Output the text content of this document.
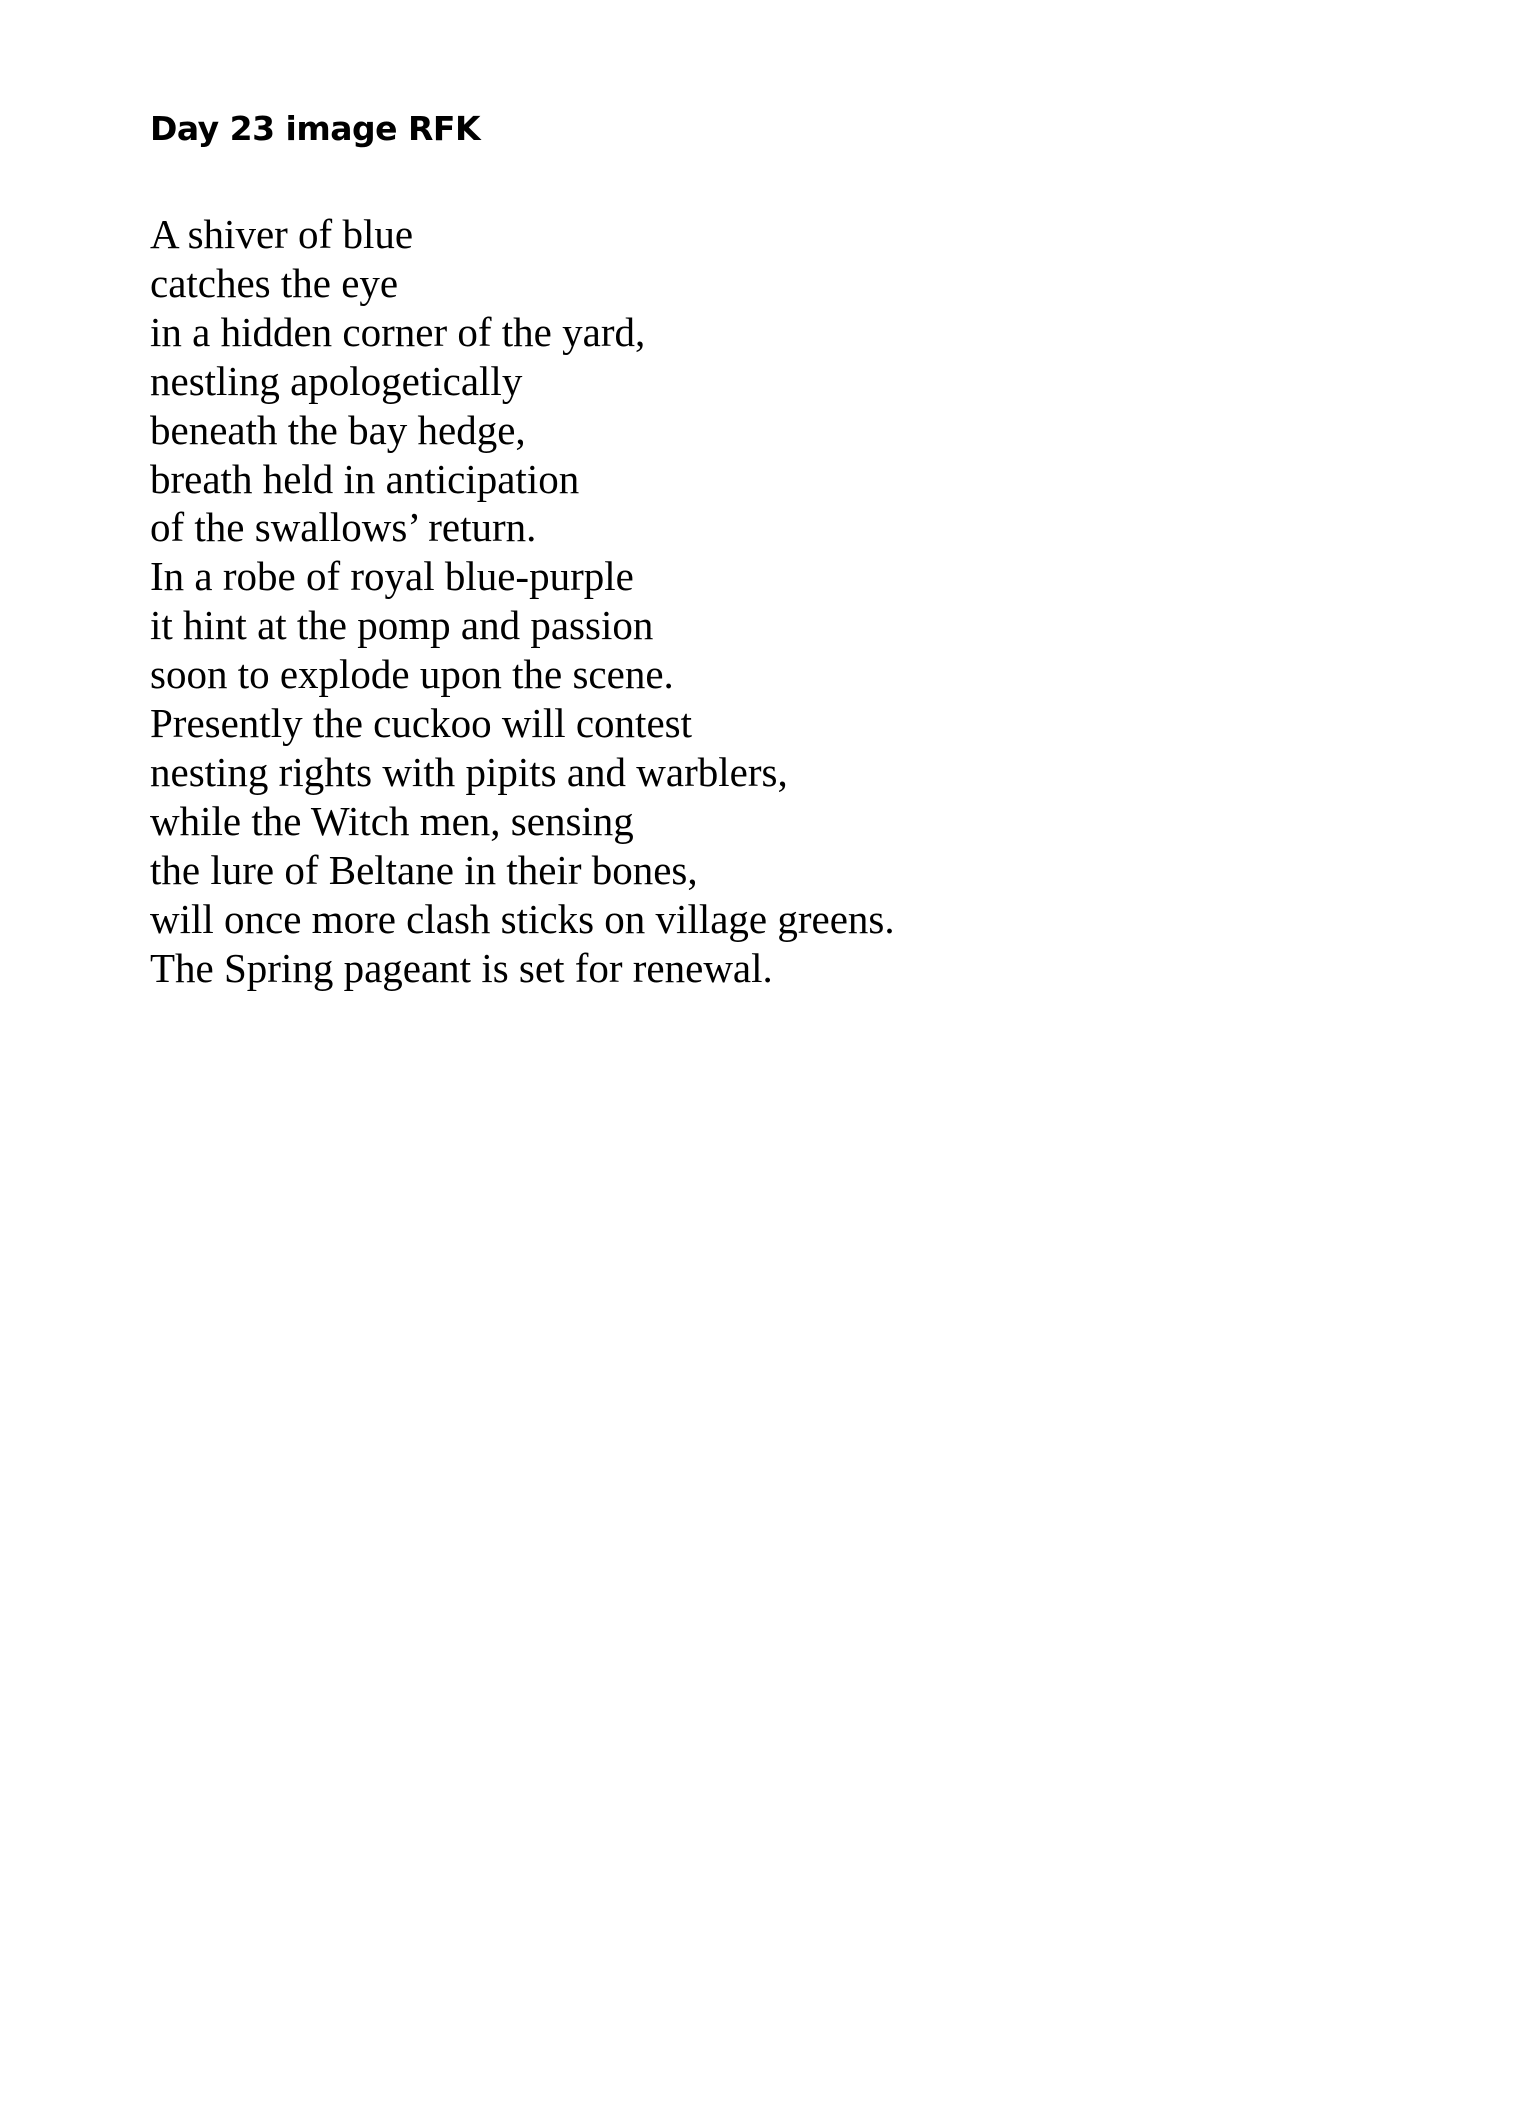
Day 23 image RFK
A shiver of blue
catches the eye
in a hidden corner of the yard,
nestling apologetically
beneath the bay hedge,
breath held in anticipation
of the swallows’ return.
In a robe of royal blue-purple
it hint at the pomp and passion
soon to explode upon the scene.
Presently the cuckoo will contest
nesting rights with pipits and warblers,
while the Witch men, sensing
the lure of Beltane in their bones,
will once more clash sticks on village greens.
The Spring pageant is set for renewal.
